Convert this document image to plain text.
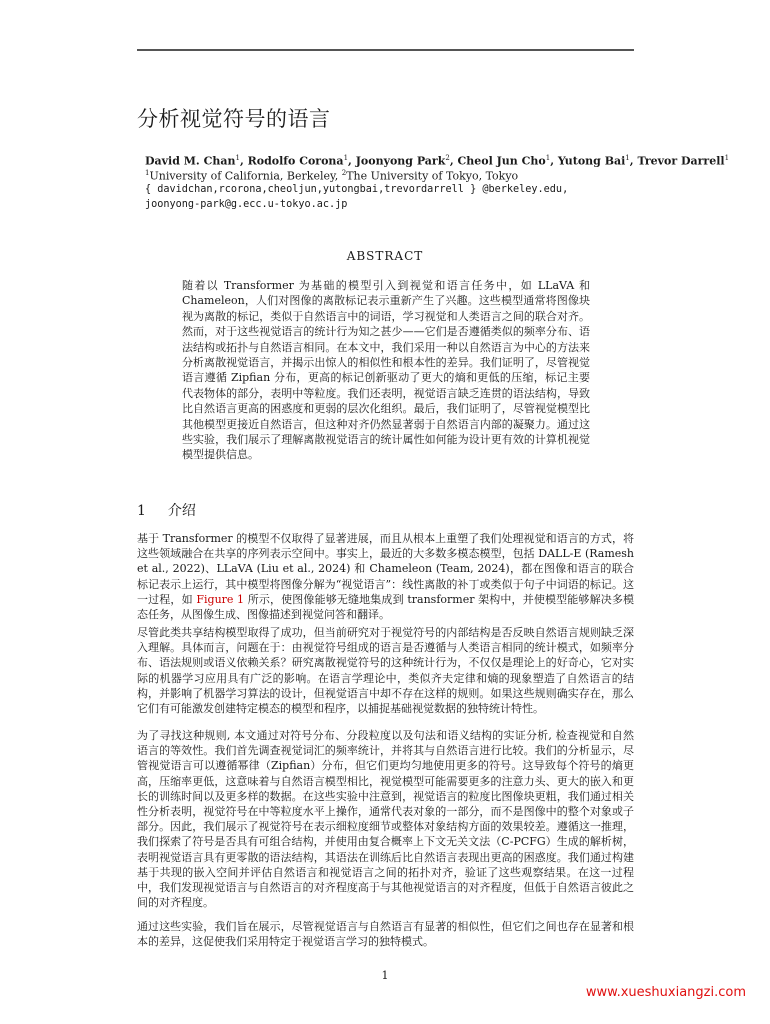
分析视觉符号的语言
David M. Chan$^1$, Rodolfo Corona$^1$, Joonyong Park$^2$, Cheol Jun Cho$^1$, Yutong Bai$^1$, Trevor Darrell$^1$
$^1$University of California, Berkeley, $^2$The University of Tokyo, Tokyo
{ davidchan,rcorona,cheoljun,yutongbai,trevordarrell } @berkeley.edu,
joonyong-park@g.ecc.u-tokyo.ac.jp
ABSTRACT
随着以 Transformer 为基础的模型引入到视觉和语言任务中，如 LLaVA 和 Chameleon，人们对图像的离散标记表示重新产生了兴趣。这些模型通常将图像块视为离散的标记，类似于自然语言中的词语，学习视觉和人类语言之间的联合对齐。然而，对于这些视觉语言的统计行为知之甚少——它们是否遵循类似的频率分布、语法结构或拓扑与自然语言相同。在本文中，我们采用一种以自然语言为中心的方法来分析离散视觉语言，并揭示出惊人的相似性和根本性的差异。我们证明了，尽管视觉语言遵循 Zipfian 分布，更高的标记创新驱动了更大的熵和更低的压缩，标记主要代表物体的部分，表明中等粒度。我们还表明，视觉语言缺乏连贯的语法结构，导致比自然语言更高的困惑度和更弱的层次化组织。最后，我们证明了，尽管视觉模型比其他模型更接近自然语言，但这种对齐仍然显著弱于自然语言内部的凝聚力。通过这些实验，我们展示了理解离散视觉语言的统计属性如何能为设计更有效的计算机视觉模型提供信息。
1 介绍
基于 Transformer 的模型不仅取得了显著进展，而且从根本上重塑了我们处理视觉和语言的方式，将这些领域融合在共享的序列表示空间中。事实上，最近的大多数多模态模型，包括 DALL-E (Ramesh et al., 2022)、LLaVA (Liu et al., 2024) 和 Chameleon (Team, 2024)，都在图像和语言的联合标记表示上运行，其中模型将图像分解为“视觉语言”：线性离散的补丁或类似于句子中词语的标记。这一过程，如 Figure 1 所示，使图像能够无缝地集成到 transformer 架构中，并使模型能够解决多模态任务，从图像生成、图像描述到视觉问答和翻译。
尽管此类共享结构模型取得了成功，但当前研究对于视觉符号的内部结构是否反映自然语言规则缺乏深入理解。具体而言，问题在于：由视觉符号组成的语言是否遵循与人类语言相同的统计模式，如频率分布、语法规则或语义依赖关系？研究离散视觉符号的这种统计行为，不仅仅是理论上的好奇心，它对实际的机器学习应用具有广泛的影响。在语言学理论中，类似齐夫定律和熵的现象塑造了自然语言的结构，并影响了机器学习算法的设计，但视觉语言中却不存在这样的规则。如果这些规则确实存在，那么它们有可能激发创建特定模态的模型和程序，以捕捉基础视觉数据的独特统计特性。
为了寻找这种规则, 本文通过对符号分布、分段粒度以及句法和语义结构的实证分析, 检查视觉和自然语言的等效性。我们首先调查视觉词汇的频率统计，并将其与自然语言进行比较。我们的分析显示，尽管视觉语言可以遵循幂律（Zipfian）分布，但它们更均匀地使用更多的符号。这导致每个符号的熵更高，压缩率更低，这意味着与自然语言模型相比，视觉模型可能需要更多的注意力头、更大的嵌入和更长的训练时间以及更多样的数据。在这些实验中注意到，视觉语言的粒度比图像块更粗，我们通过相关性分析表明，视觉符号在中等粒度水平上操作，通常代表对象的一部分，而不是图像中的整个对象或子部分。因此，我们展示了视觉符号在表示细粒度细节或整体对象结构方面的效果较差。遵循这一推理，我们探索了符号是否具有可组合结构，并使用由复合概率上下文无关文法（C-PCFG）生成的解析树，表明视觉语言具有更零散的语法结构，其语法在训练后比自然语言表现出更高的困惑度。我们通过构建基于共现的嵌入空间并评估自然语言和视觉语言之间的拓扑对齐，验证了这些观察结果。在这一过程中，我们发现视觉语言与自然语言的对齐程度高于与其他视觉语言的对齐程度，但低于自然语言彼此之间的对齐程度。
通过这些实验，我们旨在展示，尽管视觉语言与自然语言有显著的相似性，但它们之间也存在显著和根本的差异，这促使我们采用特定于视觉语言学习的独特模式。
1
www.xueshuxiangzi.com
